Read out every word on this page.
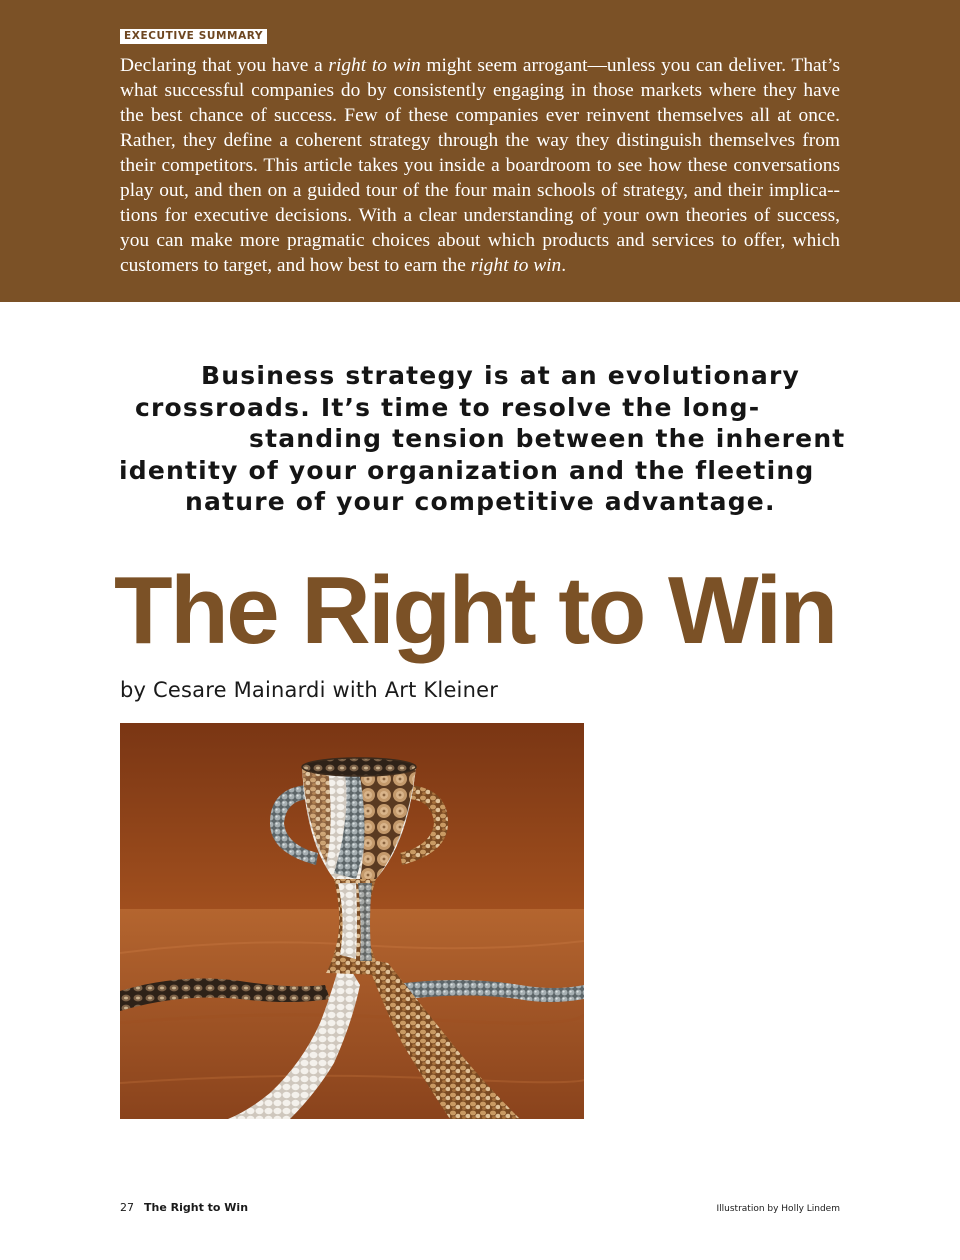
EXECUTIVE SUMMARY

Declaring that you have a right to win might seem arrogant—unless you can deliver. That’s what successful companies do by consistently engaging in those markets where they have the best chance of success. Few of these companies ever reinvent themselves all at once. Rather, they define a coherent strategy through the way they distinguish themselves from their competitors. This article takes you inside a boardroom to see how these conversations play out, and then on a guided tour of the four main schools of strategy, and their implica-tions for executive decisions. With a clear understanding of your own theories of success, you can make more pragmatic choices about which products and services to offer, which customers to target, and how best to earn the right to win.

Business strategy is at an evolutionary
crossroads. It’s time to resolve the long-
standing tension between the inherent
identity of your organization and the fleeting
nature of your competitive advantage.
The Right to Win
by Cesare Mainardi with Art Kleiner
27 The Right to Win	Illustration by Holly Lindem
